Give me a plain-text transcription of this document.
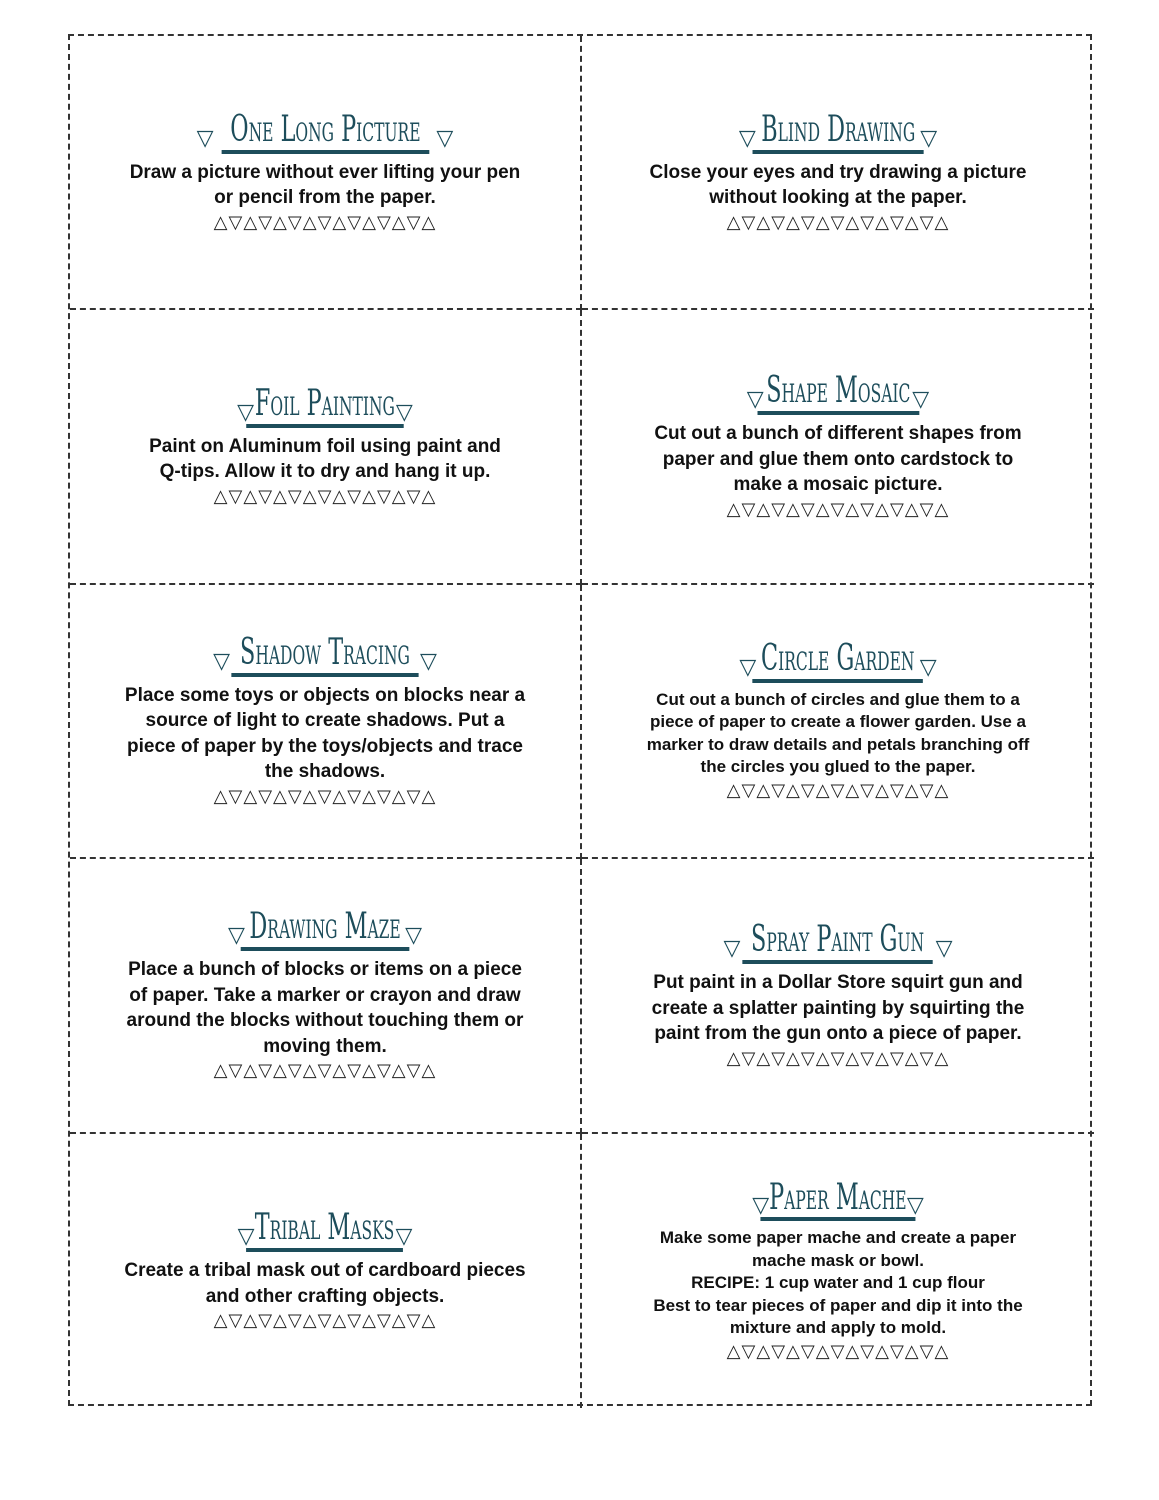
▽ One Long Picture ▽

Draw a picture without ever lifting your pen
or pencil from the paper.

△▽△▽△▽△▽△▽△▽△▽△
▽ Blind Drawing ▽

Close your eyes and try drawing a picture
without looking at the paper.

△▽△▽△▽△▽△▽△▽△▽△
▽ Foil Painting ▽

Paint on Aluminum foil using paint and
Q-tips. Allow it to dry and hang it up.

△▽△▽△▽△▽△▽△▽△▽△
▽ Shape Mosaic ▽

Cut out a bunch of different shapes from
paper and glue them onto cardstock to
make a mosaic picture.

△▽△▽△▽△▽△▽△▽△▽△
▽ Shadow Tracing ▽

Place some toys or objects on blocks near a
source of light to create shadows. Put a
piece of paper by the toys/objects and trace
the shadows.

△▽△▽△▽△▽△▽△▽△▽△
▽ Circle Garden ▽

Cut out a bunch of circles and glue them to a
piece of paper to create a flower garden. Use a
marker to draw details and petals branching off
the circles you glued to the paper.

△▽△▽△▽△▽△▽△▽△▽△
▽ Drawing Maze ▽

Place a bunch of blocks or items on a piece
of paper. Take a marker or crayon and draw
around the blocks without touching them or
moving them.

△▽△▽△▽△▽△▽△▽△▽△
▽ Spray Paint Gun ▽

Put paint in a Dollar Store squirt gun and
create a splatter painting by squirting the
paint from the gun onto a piece of paper.

△▽△▽△▽△▽△▽△▽△▽△
▽ Tribal Masks ▽

Create a tribal mask out of cardboard pieces
and other crafting objects.

△▽△▽△▽△▽△▽△▽△▽△
▽ Paper Mache ▽

Make some paper mache and create a paper
mache mask or bowl.
RECIPE: 1 cup water and 1 cup flour
Best to tear pieces of paper and dip it into the
mixture and apply to mold.

△▽△▽△▽△▽△▽△▽△▽△
